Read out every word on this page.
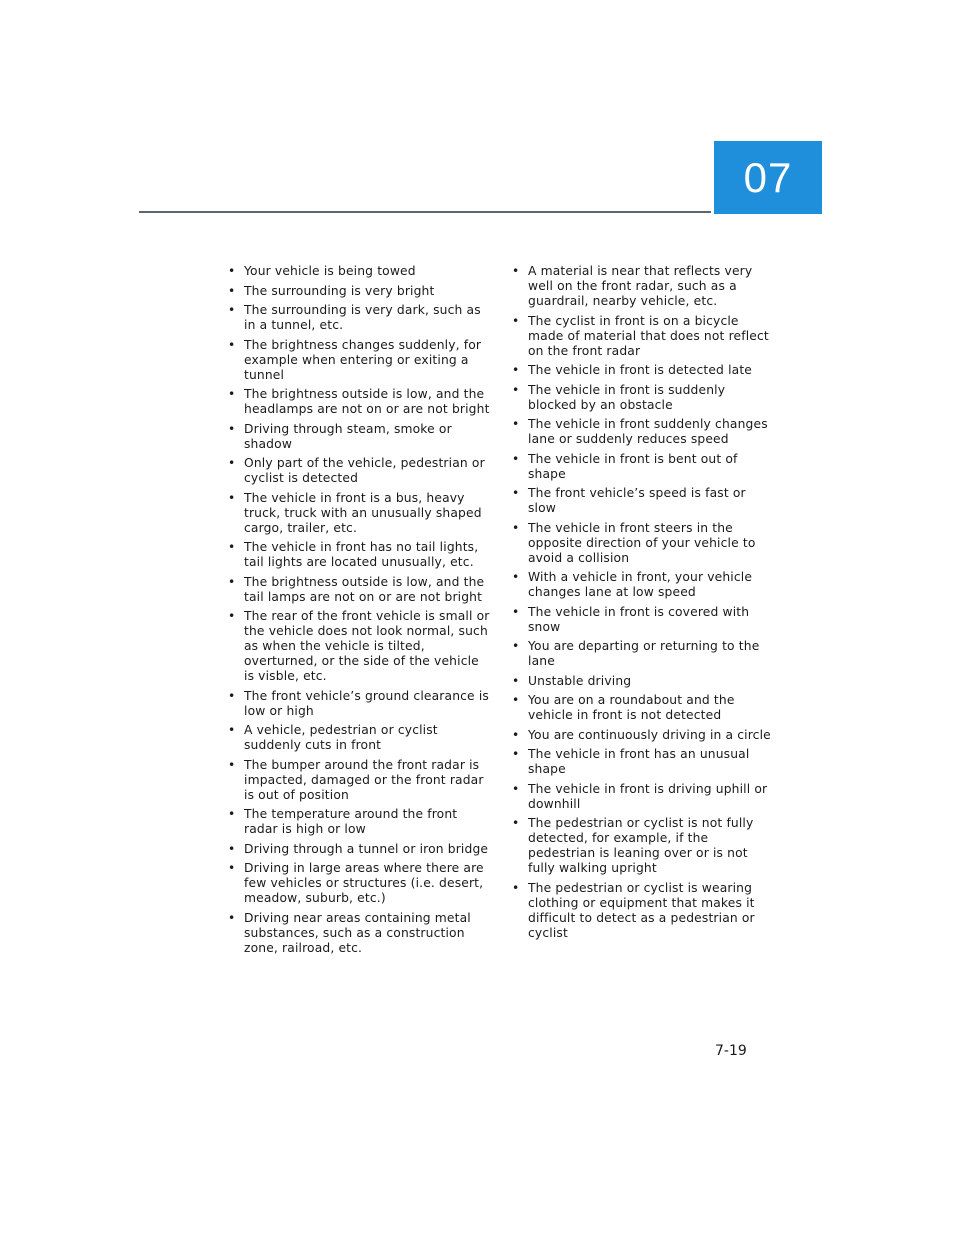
07
• Your vehicle is being towed
• The surrounding is very bright
• The surrounding is very dark, such as in a tunnel, etc.
• The brightness changes suddenly, for example when entering or exiting a tunnel
• The brightness outside is low, and the headlamps are not on or are not bright
• Driving through steam, smoke or shadow
• Only part of the vehicle, pedestrian or cyclist is detected
• The vehicle in front is a bus, heavy truck, truck with an unusually shaped cargo, trailer, etc.
• The vehicle in front has no tail lights, tail lights are located unusually, etc.
• The brightness outside is low, and the tail lamps are not on or are not bright
• The rear of the front vehicle is small or the vehicle does not look normal, such as when the vehicle is tilted, overturned, or the side of the vehicle is visble, etc.
• The front vehicle’s ground clearance is low or high
• A vehicle, pedestrian or cyclist suddenly cuts in front
• The bumper around the front radar is impacted, damaged or the front radar is out of position
• The temperature around the front radar is high or low
• Driving through a tunnel or iron bridge
• Driving in large areas where there are few vehicles or structures (i.e. desert, meadow, suburb, etc.)
• Driving near areas containing metal substances, such as a construction zone, railroad, etc.
• A material is near that reflects very well on the front radar, such as a guardrail, nearby vehicle, etc.
• The cyclist in front is on a bicycle made of material that does not reflect on the front radar
• The vehicle in front is detected late
• The vehicle in front is suddenly blocked by an obstacle
• The vehicle in front suddenly changes lane or suddenly reduces speed
• The vehicle in front is bent out of shape
• The front vehicle’s speed is fast or slow
• The vehicle in front steers in the opposite direction of your vehicle to avoid a collision
• With a vehicle in front, your vehicle changes lane at low speed
• The vehicle in front is covered with snow
• You are departing or returning to the lane
• Unstable driving
• You are on a roundabout and the vehicle in front is not detected
• You are continuously driving in a circle
• The vehicle in front has an unusual shape
• The vehicle in front is driving uphill or downhill
• The pedestrian or cyclist is not fully detected, for example, if the pedestrian is leaning over or is not fully walking upright
• The pedestrian or cyclist is wearing clothing or equipment that makes it difficult to detect as a pedestrian or cyclist
7-19
